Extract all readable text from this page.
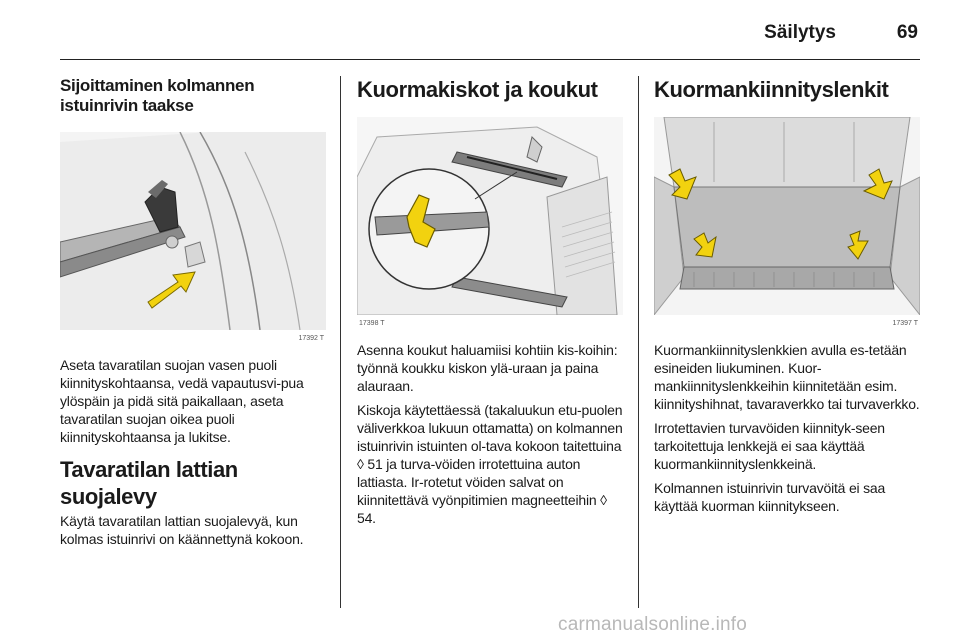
Säilytys	69
Sijoittaminen kolmannen istuinrivin taakse
17392 T

Aseta tavaratilan suojan vasen puoli kiinnityskohtaansa, vedä vapautusvi-pua ylöspäin ja pidä sitä paikallaan, aseta tavaratilan suojan oikea puoli kiinnityskohtaansa ja lukitse.

Tavaratilan lattian suojalevy

Käytä tavaratilan lattian suojalevyä, kun kolmas istuinrivi on käännettynä kokoon.

Kuormakiskot ja koukut
17398 T

Asenna koukut haluamiisi kohtiin kis-koihin: työnnä koukku kiskon ylä-uraan ja paina alauraan.

Kiskoja käytettäessä (takaluukun etu-puolen väliverkkoa lukuun ottamatta) on kolmannen istuinrivin istuinten ol-tava kokoon taitettuina ◊ 51 ja turva-vöiden irrotettuina auton lattiasta. Ir-rotetut vöiden salvat on kiinnitettävä vyönpitimien magneetteihin ◊ 54.

Kuormankiinnityslenkit
17397 T

Kuormankiinnityslenkkien avulla es-tetään esineiden liukuminen. Kuor-mankiinnityslenkkeihin kiinnitetään esim. kiinnityshihnat, tavaraverkko tai turvaverkko.

Irrotettavien turvavöiden kiinnityk-seen tarkoitettuja lenkkejä ei saa käyttää kuormankiinnityslenkkeinä.

Kolmannen istuinrivin turvavöitä ei saa käyttää kuorman kiinnitykseen.

carmanualsonline.info
